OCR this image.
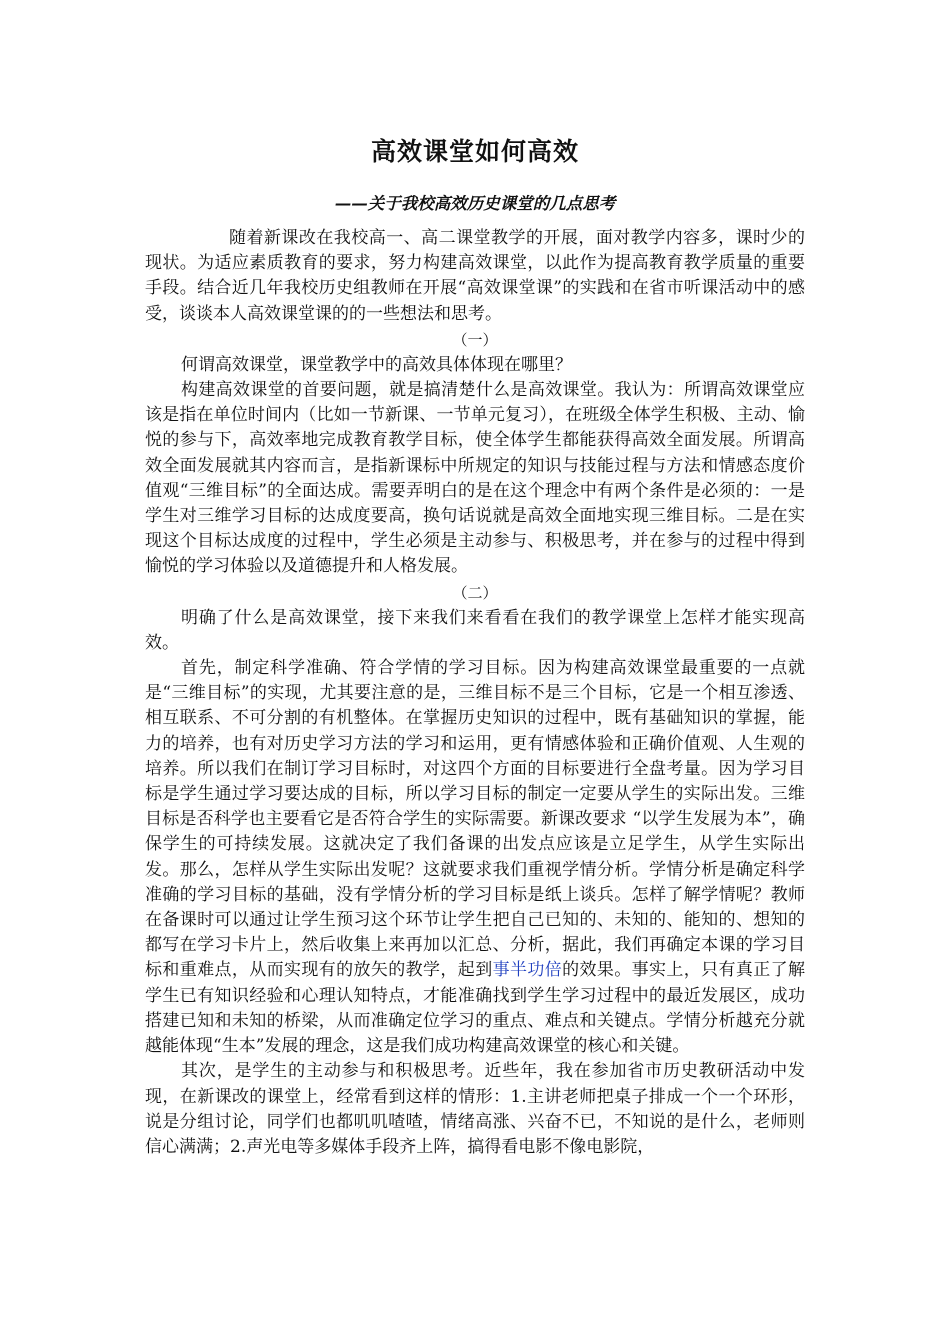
高效课堂如何高效
——关于我校高效历史课堂的几点思考

随着新课改在我校高一、高二课堂教学的开展，面对教学内容多，课时少的现状。为适应素质教育的要求，努力构建高效课堂，以此作为提高教育教学质量的重要手段。结合近几年我校历史组教师在开展“高效课堂课”的实践和在省市听课活动中的感受，谈谈本人高效课堂课的的一些想法和思考。

（一）

何谓高效课堂，课堂教学中的高效具体体现在哪里？

构建高效课堂的首要问题，就是搞清楚什么是高效课堂。我认为：所谓高效课堂应该是指在单位时间内（比如一节新课、一节单元复习），在班级全体学生积极、主动、愉悦的参与下，高效率地完成教育教学目标，使全体学生都能获得高效全面发展。所谓高效全面发展就其内容而言，是指新课标中所规定的知识与技能过程与方法和情感态度价值观“三维目标”的全面达成。需要弄明白的是在这个理念中有两个条件是必须的：一是学生对三维学习目标的达成度要高，换句话说就是高效全面地实现三维目标。二是在实现这个目标达成度的过程中，学生必须是主动参与、积极思考，并在参与的过程中得到愉悦的学习体验以及道德提升和人格发展。

（二）

明确了什么是高效课堂，接下来我们来看看在我们的教学课堂上怎样才能实现高效。

首先，制定科学准确、符合学情的学习目标。因为构建高效课堂最重要的一点就是“三维目标”的实现，尤其要注意的是，三维目标不是三个目标，它是一个相互渗透、相互联系、不可分割的有机整体。在掌握历史知识的过程中，既有基础知识的掌握，能力的培养，也有对历史学习方法的学习和运用，更有情感体验和正确价值观、人生观的培养。所以我们在制订学习目标时，对这四个方面的目标要进行全盘考量。因为学习目标是学生通过学习要达成的目标，所以学习目标的制定一定要从学生的实际出发。三维目标是否科学也主要看它是否符合学生的实际需要。新课改要求 “以学生发展为本”，确保学生的可持续发展。这就决定了我们备课的出发点应该是立足学生，从学生实际出发。那么，怎样从学生实际出发呢？这就要求我们重视学情分析。学情分析是确定科学准确的学习目标的基础，没有学情分析的学习目标是纸上谈兵。怎样了解学情呢？教师在备课时可以通过让学生预习这个环节让学生把自己已知的、未知的、能知的、想知的都写在学习卡片上，然后收集上来再加以汇总、分析，据此，我们再确定本课的学习目标和重难点，从而实现有的放矢的教学，起到事半功倍的效果。事实上，只有真正了解学生已有知识经验和心理认知特点，才能准确找到学生学习过程中的最近发展区，成功搭建已知和未知的桥梁，从而准确定位学习的重点、难点和关键点。学情分析越充分就越能体现“生本”发展的理念，这是我们成功构建高效课堂的核心和关键。

其次，是学生的主动参与和积极思考。近些年，我在参加省市历史教研活动中发现，在新课改的课堂上，经常看到这样的情形：1.主讲老师把桌子排成一个一个环形，说是分组讨论，同学们也都叽叽喳喳，情绪高涨、兴奋不已，不知说的是什么，老师则信心满满；2.声光电等多媒体手段齐上阵，搞得看电影不像电影院，
